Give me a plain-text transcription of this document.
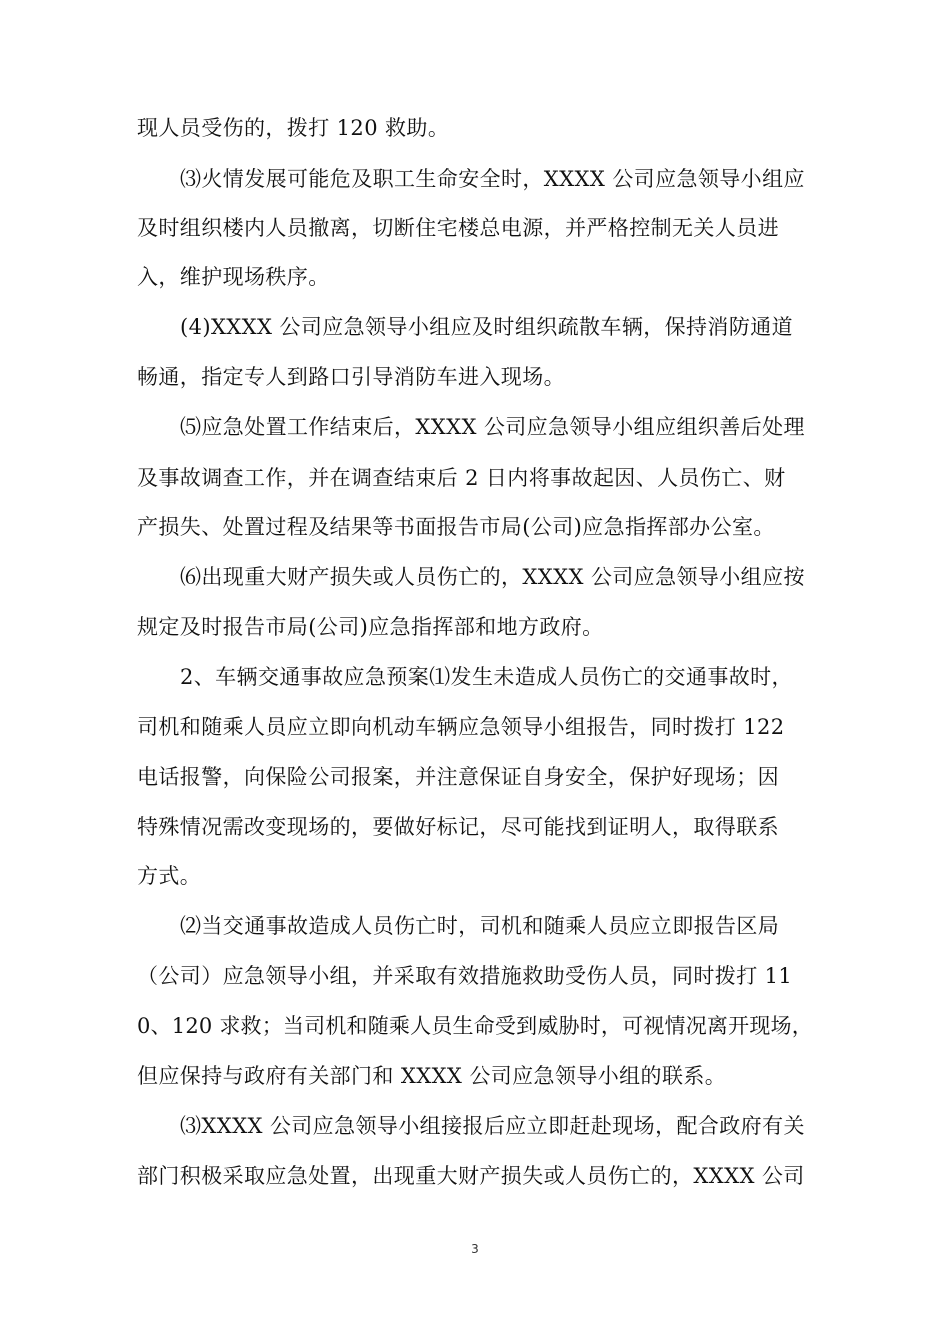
现人员受伤的，拨打 120 救助。
⑶火情发展可能危及职工生命安全时，XXXX 公司应急领导小组应
及时组织楼内人员撤离，切断住宅楼总电源，并严格控制无关人员进
入，维护现场秩序。
(4)XXXX 公司应急领导小组应及时组织疏散车辆，保持消防通道
畅通，指定专人到路口引导消防车进入现场。
⑸应急处置工作结束后，XXXX 公司应急领导小组应组织善后处理
及事故调查工作，并在调查结束后 2 日内将事故起因、人员伤亡、财
产损失、处置过程及结果等书面报告市局(公司)应急指挥部办公室。
⑹出现重大财产损失或人员伤亡的，XXXX 公司应急领导小组应按
规定及时报告市局(公司)应急指挥部和地方政府。
2、车辆交通事故应急预案⑴发生未造成人员伤亡的交通事故时，
司机和随乘人员应立即向机动车辆应急领导小组报告，同时拨打 122
电话报警，向保险公司报案，并注意保证自身安全，保护好现场；因
特殊情况需改变现场的，要做好标记，尽可能找到证明人，取得联系
方式。
⑵当交通事故造成人员伤亡时，司机和随乘人员应立即报告区局
（公司）应急领导小组，并采取有效措施救助受伤人员，同时拨打 11
0、120 求救；当司机和随乘人员生命受到威胁时，可视情况离开现场，
但应保持与政府有关部门和 XXXX 公司应急领导小组的联系。
⑶XXXX 公司应急领导小组接报后应立即赶赴现场，配合政府有关
部门积极采取应急处置，出现重大财产损失或人员伤亡的，XXXX 公司
3
